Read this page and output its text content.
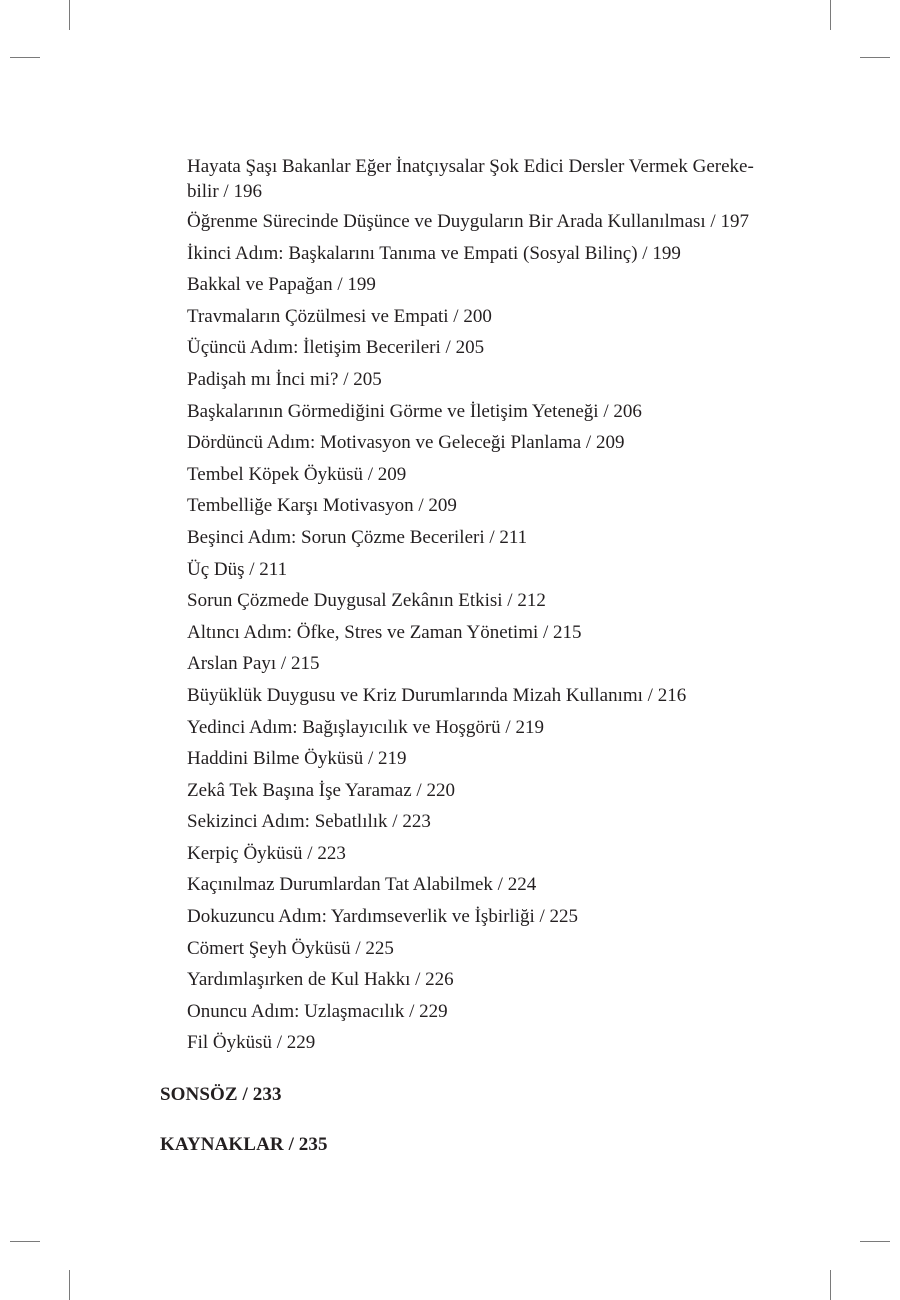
Hayata Şaşı Bakanlar Eğer İnatçıysalar Şok Edici Dersler Vermek Gereke-bilir / 196
Öğrenme Sürecinde Düşünce ve Duyguların Bir Arada Kullanılması / 197
İkinci Adım: Başkalarını Tanıma ve Empati (Sosyal Bilinç) / 199
Bakkal ve Papağan / 199
Travmaların Çözülmesi ve Empati / 200
Üçüncü Adım: İletişim Becerileri / 205
Padişah mı İnci mi? / 205
Başkalarının Görmediğini Görme ve İletişim Yeteneği / 206
Dördüncü Adım: Motivasyon ve Geleceği Planlama / 209
Tembel Köpek Öyküsü / 209
Tembelliğe Karşı Motivasyon / 209
Beşinci Adım: Sorun Çözme Becerileri / 211
Üç Düş / 211
Sorun Çözmede Duygusal Zekânın Etkisi / 212
Altıncı Adım: Öfke, Stres ve Zaman Yönetimi / 215
Arslan Payı / 215
Büyüklük Duygusu ve Kriz Durumlarında Mizah Kullanımı / 216
Yedinci Adım: Bağışlayıcılık ve Hoşgörü / 219
Haddini Bilme Öyküsü / 219
Zekâ Tek Başına İşe Yaramaz / 220
Sekizinci Adım: Sebatlılık / 223
Kerpiç Öyküsü / 223
Kaçınılmaz Durumlardan Tat Alabilmek / 224
Dokuzuncu Adım: Yardımseverlik ve İşbirliği / 225
Cömert Şeyh Öyküsü / 225
Yardımlaşırken de Kul Hakkı / 226
Onuncu Adım: Uzlaşmacılık / 229
Fil Öyküsü / 229
SONSÖZ / 233
KAYNAKLAR / 235
